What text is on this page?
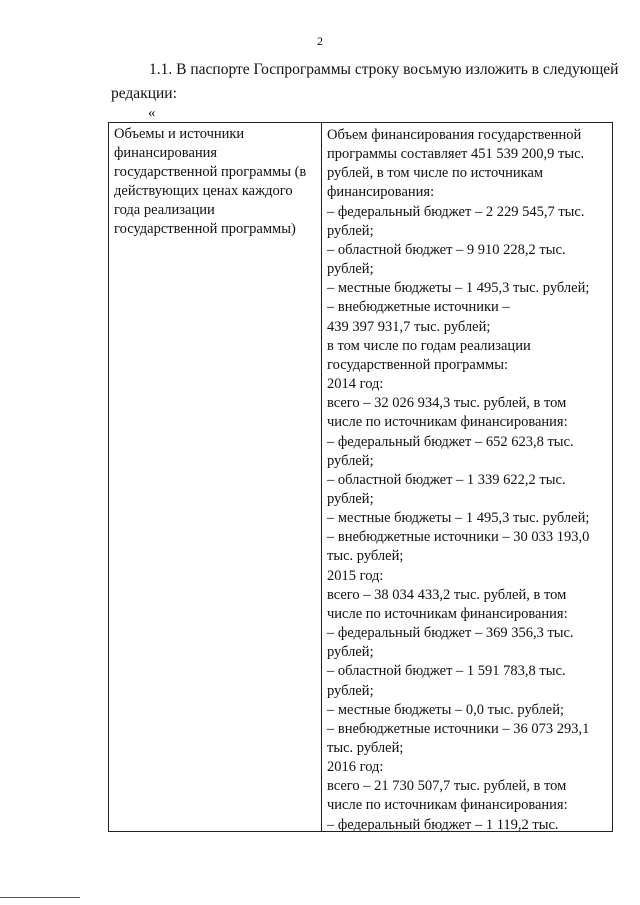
2
1.1. В паспорте Госпрограммы строку восьмую изложить в следующей
редакции:
«
Объемы и источники
финансирования
государственной программы (в
действующих ценах каждого
года реализации
государственной программы)
Объем финансирования государственной
программы составляет 451 539 200,9 тыс.
рублей, в том числе по источникам
финансирования:
– федеральный бюджет – 2 229 545,7 тыс.
рублей;
– областной бюджет – 9 910 228,2 тыс.
рублей;
– местные бюджеты – 1 495,3 тыс. рублей;
– внебюджетные источники –
439 397 931,7 тыс. рублей;
в том числе по годам реализации
государственной программы:
2014 год:
всего – 32 026 934,3 тыс. рублей, в том
числе по источникам финансирования:
– федеральный бюджет – 652 623,8 тыс.
рублей;
– областной бюджет – 1 339 622,2 тыс.
рублей;
– местные бюджеты – 1 495,3 тыс. рублей;
– внебюджетные источники – 30 033 193,0
тыс. рублей;
2015 год:
всего – 38 034 433,2 тыс. рублей, в том
числе по источникам финансирования:
– федеральный бюджет – 369 356,3 тыс.
рублей;
– областной бюджет – 1 591 783,8 тыс.
рублей;
– местные бюджеты – 0,0 тыс. рублей;
– внебюджетные источники – 36 073 293,1
тыс. рублей;
2016 год:
всего – 21 730 507,7 тыс. рублей, в том
числе по источникам финансирования:
– федеральный бюджет – 1 119,2 тыс.
